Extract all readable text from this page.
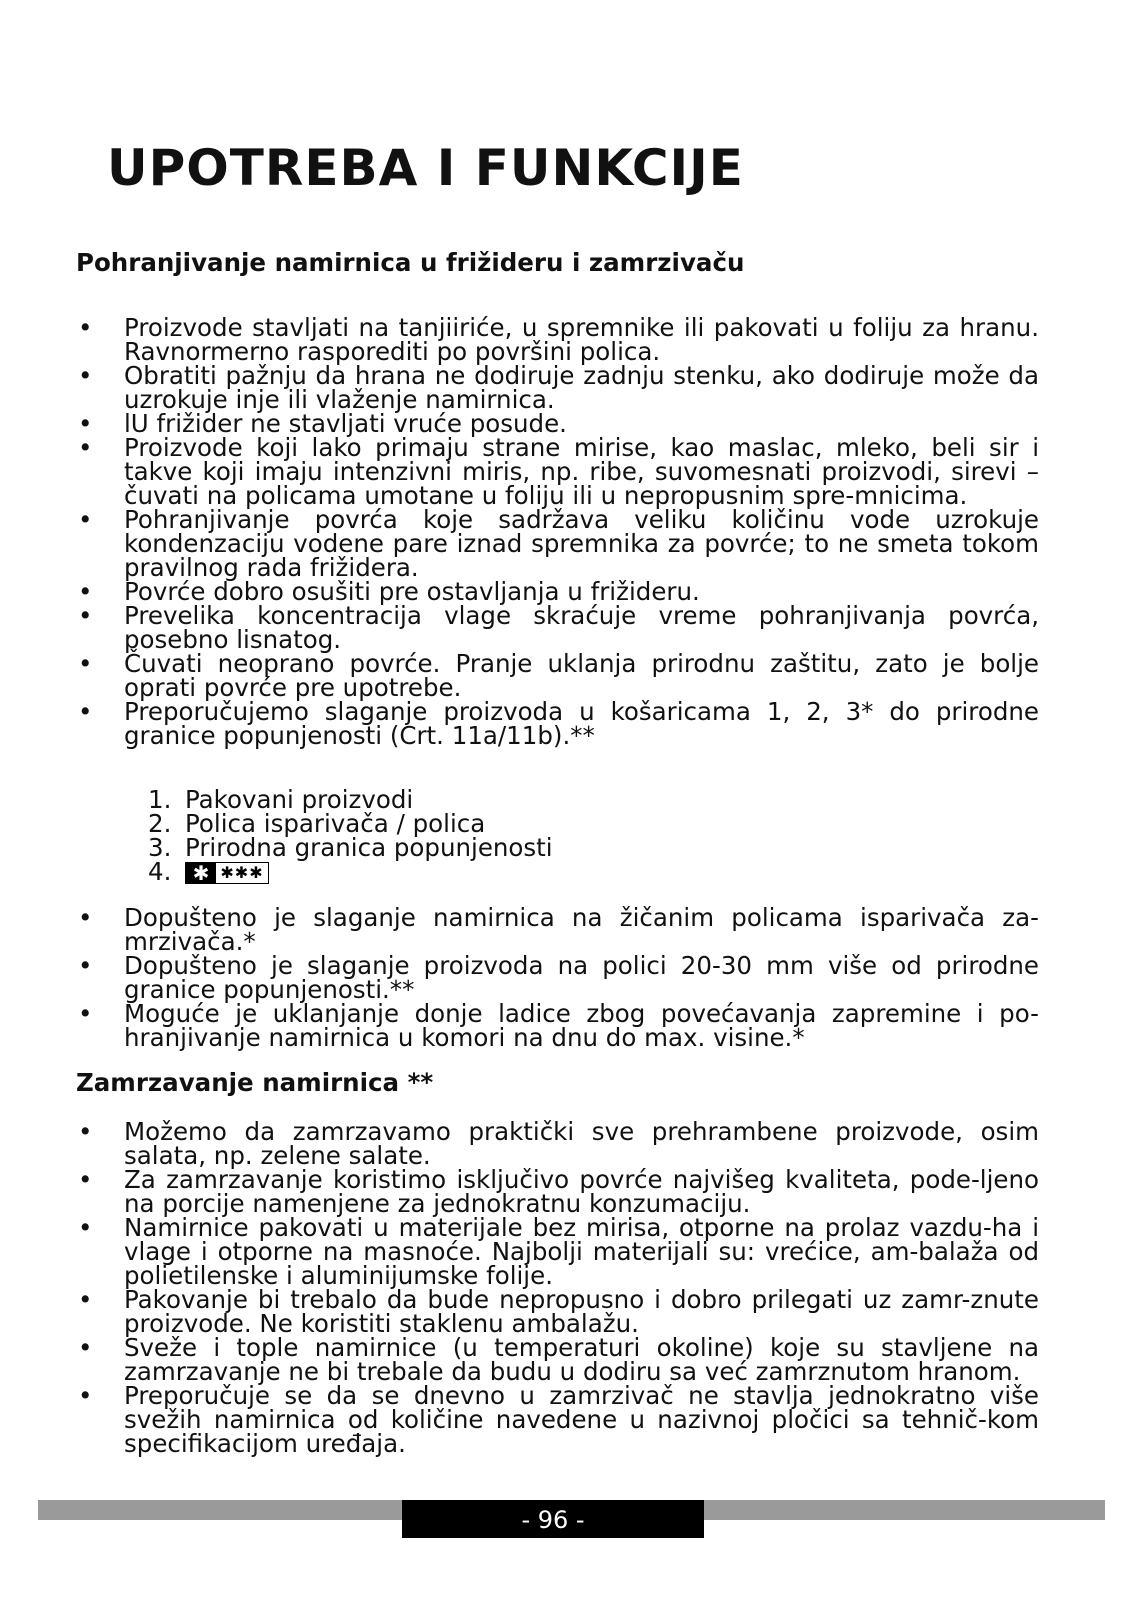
UPOTREBA I FUNKCIJE
Pohranjivanje namirnica u frižideru i zamrzivaču
• Proizvode stavljati na tanjiiriće, u spremnike ili pakovati u foliju za hranu. Ravnormerno rasporediti po površini polica.
• Obratiti pažnju da hrana ne dodiruje zadnju stenku, ako dodiruje može da uzrokuje inje ili vlaženje namirnica.
• lU frižider ne stavljati vruće posude.
• Proizvode koji lako primaju strane mirise, kao maslac, mleko, beli sir i takve koji imaju intenzivni miris, np. ribe, suvomesnati proizvodi, sirevi – čuvati na policama umotane u foliju ili u nepropusnim spre-mnicima.
• Pohranjivanje povrća koje sadržava veliku količinu vode uzrokuje kondenzaciju vodene pare iznad spremnika za povrće; to ne smeta tokom pravilnog rada frižidera.
• Povrće dobro osušiti pre ostavljanja u frižideru.
• Prevelika koncentracija vlage skraćuje vreme pohranjivanja povrća, posebno lisnatog.
• Čuvati neoprano povrće. Pranje uklanja prirodnu zaštitu, zato je bolje oprati povrće pre upotrebe.
• Preporučujemo slaganje proizvoda u košaricama 1, 2, 3* do prirodne granice popunjenosti (Crt. 11a/11b).**
1. Pakovani proizvodi
2. Polica isparivača / polica
3. Prirodna granica popunjenosti
4.	✱ ✱✱✱
• Dopušteno je slaganje namirnica na žičanim policama isparivača za-mrzivača.*
• Dopušteno je slaganje proizvoda na polici 20-30 mm više od prirodne granice popunjenosti.**
• Moguće je uklanjanje donje ladice zbog povećavanja zapremine i po-hranjivanje namirnica u komori na dnu do max. visine.*
Zamrzavanje namirnica **
• Možemo da zamrzavamo praktički sve prehrambene proizvode, osim salata, np. zelene salate.
• Za zamrzavanje koristimo isključivo povrće najvišeg kvaliteta, pode-ljeno na porcije namenjene za jednokratnu konzumaciju.
• Namirnice pakovati u materijale bez mirisa, otporne na prolaz vazdu-ha i vlage i otporne na masnoće. Najbolji materijali su: vrećice, am-balaža od polietilenske i aluminijumske folije.
• Pakovanje bi trebalo da bude nepropusno i dobro prilegati uz zamr-znute proizvode. Ne koristiti staklenu ambalažu.
• Sveže i tople namirnice (u temperaturi okoline) koje su stavljene na zamrzavanje ne bi trebale da budu u dodiru sa već zamrznutom hranom.
• Preporučuje se da se dnevno u zamrzivač ne stavlja jednokratno više svežih namirnica od količine navedene u nazivnoj pločici sa tehnič-kom specifikacijom uređaja.
- 96 -
